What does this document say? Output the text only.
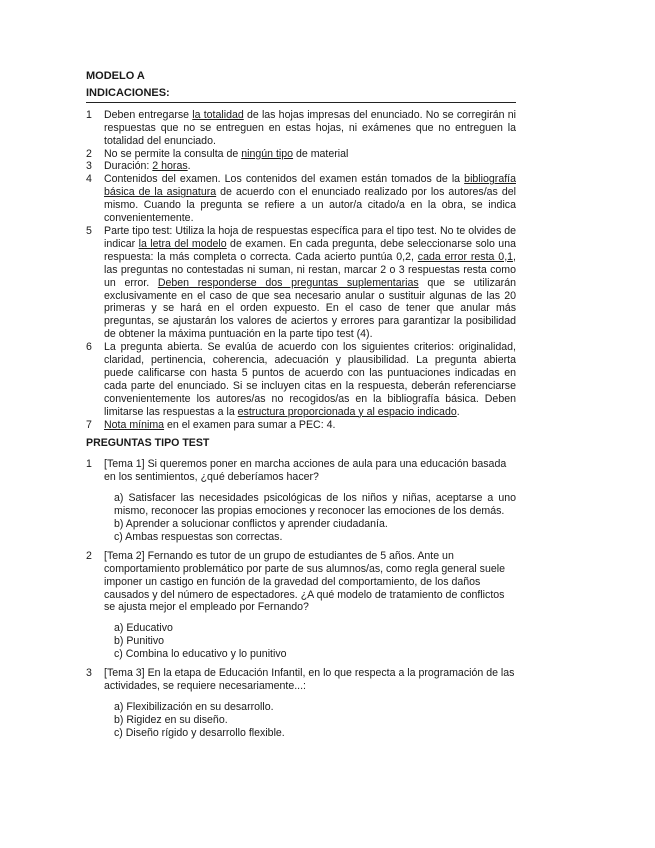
MODELO A
INDICACIONES:
1 Deben entregarse la totalidad de las hojas impresas del enunciado. No se corregirán ni respuestas que no se entreguen en estas hojas, ni exámenes que no entreguen la totalidad del enunciado.
2 No se permite la consulta de ningún tipo de material
3 Duración: 2 horas.
4 Contenidos del examen. Los contenidos del examen están tomados de la bibliografía básica de la asignatura de acuerdo con el enunciado realizado por los autores/as del mismo. Cuando la pregunta se refiere a un autor/a citado/a en la obra, se indica convenientemente.
5 Parte tipo test: Utiliza la hoja de respuestas específica para el tipo test. No te olvides de indicar la letra del modelo de examen. En cada pregunta, debe seleccionarse solo una respuesta: la más completa o correcta. Cada acierto puntúa 0,2, cada error resta 0,1, las preguntas no contestadas ni suman, ni restan, marcar 2 o 3 respuestas resta como un error. Deben responderse dos preguntas suplementarias que se utilizarán exclusivamente en el caso de que sea necesario anular o sustituir algunas de las 20 primeras y se hará en el orden expuesto. En el caso de tener que anular más preguntas, se ajustarán los valores de aciertos y errores para garantizar la posibilidad de obtener la máxima puntuación en la parte tipo test (4).
6 La pregunta abierta. Se evalúa de acuerdo con los siguientes criterios: originalidad, claridad, pertinencia, coherencia, adecuación y plausibilidad. La pregunta abierta puede calificarse con hasta 5 puntos de acuerdo con las puntuaciones indicadas en cada parte del enunciado. Si se incluyen citas en la respuesta, deberán referenciarse convenientemente los autores/as no recogidos/as en la bibliografía básica. Deben limitarse las respuestas a la estructura proporcionada y al espacio indicado.
7 Nota mínima en el examen para sumar a PEC: 4.
PREGUNTAS TIPO TEST
1 [Tema 1] Si queremos poner en marcha acciones de aula para una educación basada en los sentimientos, ¿qué deberíamos hacer?
a) Satisfacer las necesidades psicológicas de los niños y niñas, aceptarse a uno mismo, reconocer las propias emociones y reconocer las emociones de los demás.
b) Aprender a solucionar conflictos y aprender ciudadanía.
c) Ambas respuestas son correctas.
2 [Tema 2] Fernando es tutor de un grupo de estudiantes de 5 años. Ante un comportamiento problemático por parte de sus alumnos/as, como regla general suele imponer un castigo en función de la gravedad del comportamiento, de los daños causados y del número de espectadores. ¿A qué modelo de tratamiento de conflictos se ajusta mejor el empleado por Fernando?
a) Educativo
b) Punitivo
c) Combina lo educativo y lo punitivo
3 [Tema 3] En la etapa de Educación Infantil, en lo que respecta a la programación de las actividades, se requiere necesariamente...:
a) Flexibilización en su desarrollo.
b) Rigidez en su diseño.
c) Diseño rígido y desarrollo flexible.
